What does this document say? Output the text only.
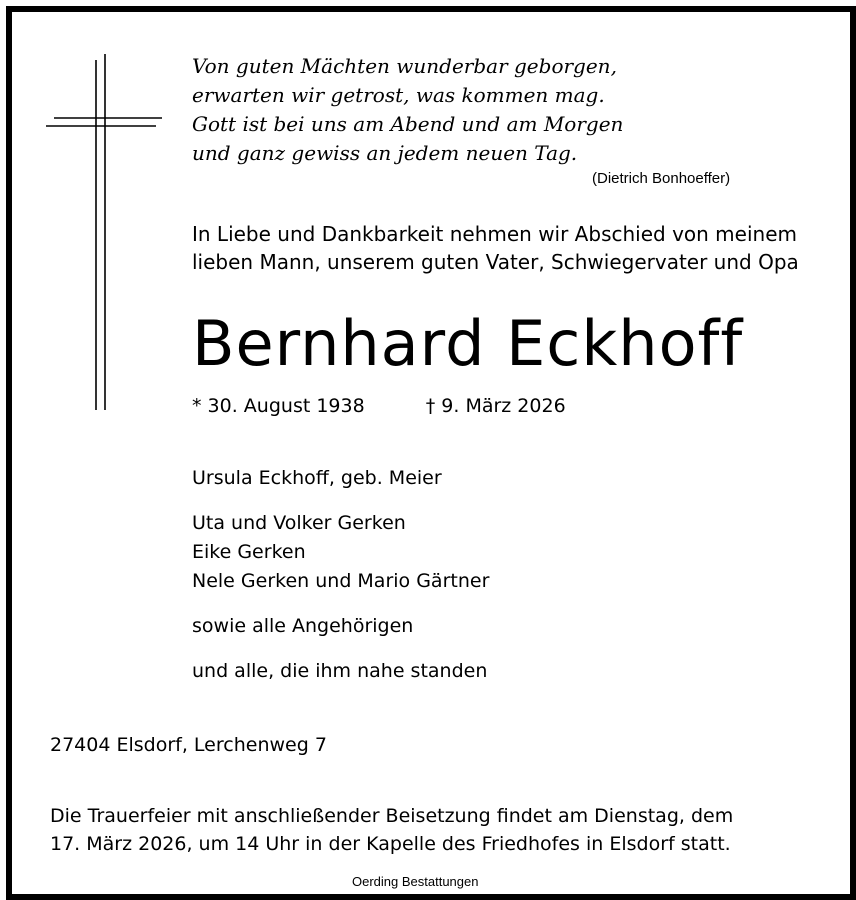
Von guten Mächten wunderbar geborgen,
erwarten wir getrost, was kommen mag.
Gott ist bei uns am Abend und am Morgen
und ganz gewiss an jedem neuen Tag.
(Dietrich Bonhoeffer)
In Liebe und Dankbarkeit nehmen wir Abschied von meinem
lieben Mann, unserem guten Vater, Schwiegervater und Opa
Bernhard Eckhoff
* 30. August 1938	† 9. März 2026
Ursula Eckhoff, geb. Meier
Uta und Volker Gerken
Eike Gerken
Nele Gerken und Mario Gärtner
sowie alle Angehörigen
und alle, die ihm nahe standen
27404 Elsdorf, Lerchenweg 7
Die Trauerfeier mit anschließender Beisetzung findet am Dienstag, dem
17. März 2026, um 14 Uhr in der Kapelle des Friedhofes in Elsdorf statt.
Oerding Bestattungen
